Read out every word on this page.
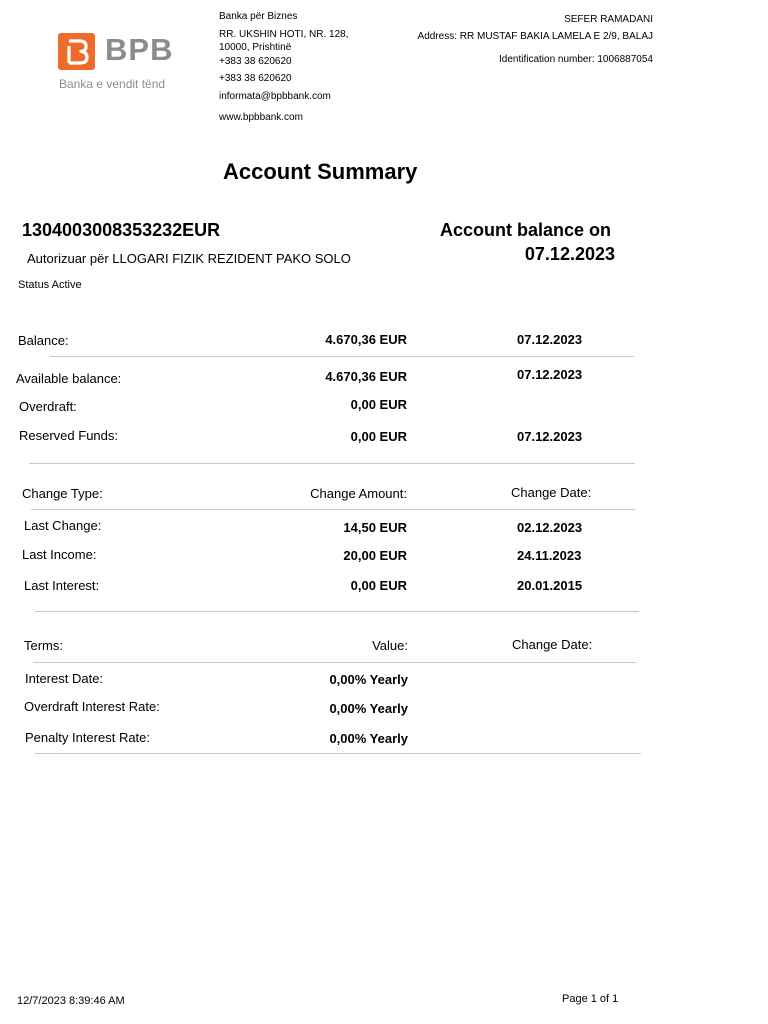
BPB
Banka e vendit tënd
Banka për Biznes
RR. UKSHIN HOTI, NR. 128,
10000, Prishtinë
+383 38 620620
+383 38 620620
informata@bpbbank.com
www.bpbbank.com
SEFER RAMADANI
Address: RR MUSTAF BAKIA LAMELA E 2/9, BALAJ
Identification number: 1006887054
Account Summary
1304003008353232EUR
Autorizuar për LLOGARI FIZIK REZIDENT PAKO SOLO
Status Active
Account balance on
07.12.2023
Balance:	4.670,36 EUR	07.12.2023
Available balance:	4.670,36 EUR	07.12.2023
Overdraft:	0,00 EUR
Reserved Funds:	0,00 EUR	07.12.2023
Change Type:	Change Amount:	Change Date:
Last Change:	14,50 EUR	02.12.2023
Last Income:	20,00 EUR	24.11.2023
Last Interest:	0,00 EUR	20.01.2015
Terms:	Value:	Change Date:
Interest Date:	0,00% Yearly
Overdraft Interest Rate:	0,00% Yearly
Penalty Interest Rate:	0,00% Yearly
12/7/2023 8:39:46 AM	Page 1 of 1
